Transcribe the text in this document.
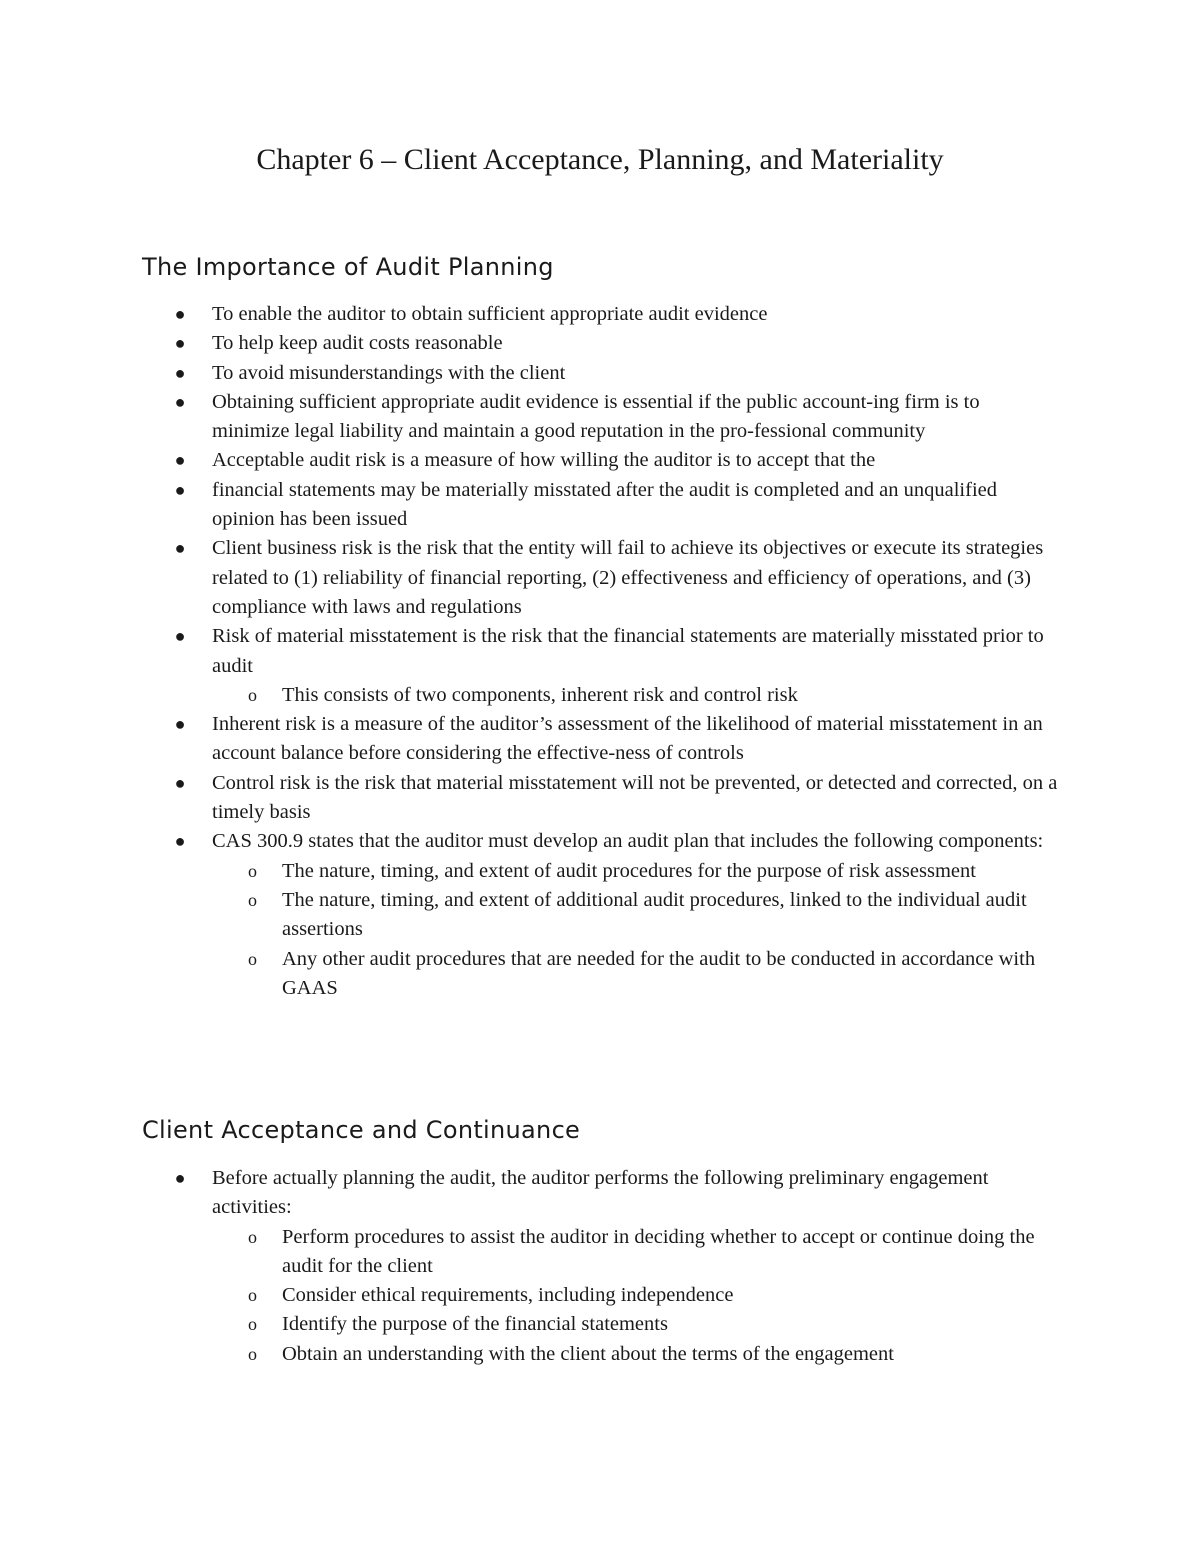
Chapter 6 – Client Acceptance, Planning, and Materiality
The Importance of Audit Planning
● To enable the auditor to obtain sufficient appropriate audit evidence
● To help keep audit costs reasonable
● To avoid misunderstandings with the client
● Obtaining sufficient appropriate audit evidence is essential if the public account-ing firm is to minimize legal liability and maintain a good reputation in the pro-fessional community
● Acceptable audit risk is a measure of how willing the auditor is to accept that the
● financial statements may be materially misstated after the audit is completed and an unqualified opinion has been issued
● Client business risk is the risk that the entity will fail to achieve its objectives or execute its strategies related to (1) reliability of financial reporting, (2) effectiveness and efficiency of operations, and (3) compliance with laws and regulations
● Risk of material misstatement is the risk that the financial statements are materially misstated prior to audit
o This consists of two components, inherent risk and control risk
● Inherent risk is a measure of the auditor’s assessment of the likelihood of material misstatement in an account balance before considering the effective-ness of controls
● Control risk is the risk that material misstatement will not be prevented, or detected and corrected, on a timely basis
● CAS 300.9 states that the auditor must develop an audit plan that includes the following components:
o The nature, timing, and extent of audit procedures for the purpose of risk assessment
o The nature, timing, and extent of additional audit procedures, linked to the individual audit assertions
o Any other audit procedures that are needed for the audit to be conducted in accordance with GAAS
Client Acceptance and Continuance
● Before actually planning the audit, the auditor performs the following preliminary engagement activities:
o Perform procedures to assist the auditor in deciding whether to accept or continue doing the audit for the client
o Consider ethical requirements, including independence
o Identify the purpose of the financial statements
o Obtain an understanding with the client about the terms of the engagement
